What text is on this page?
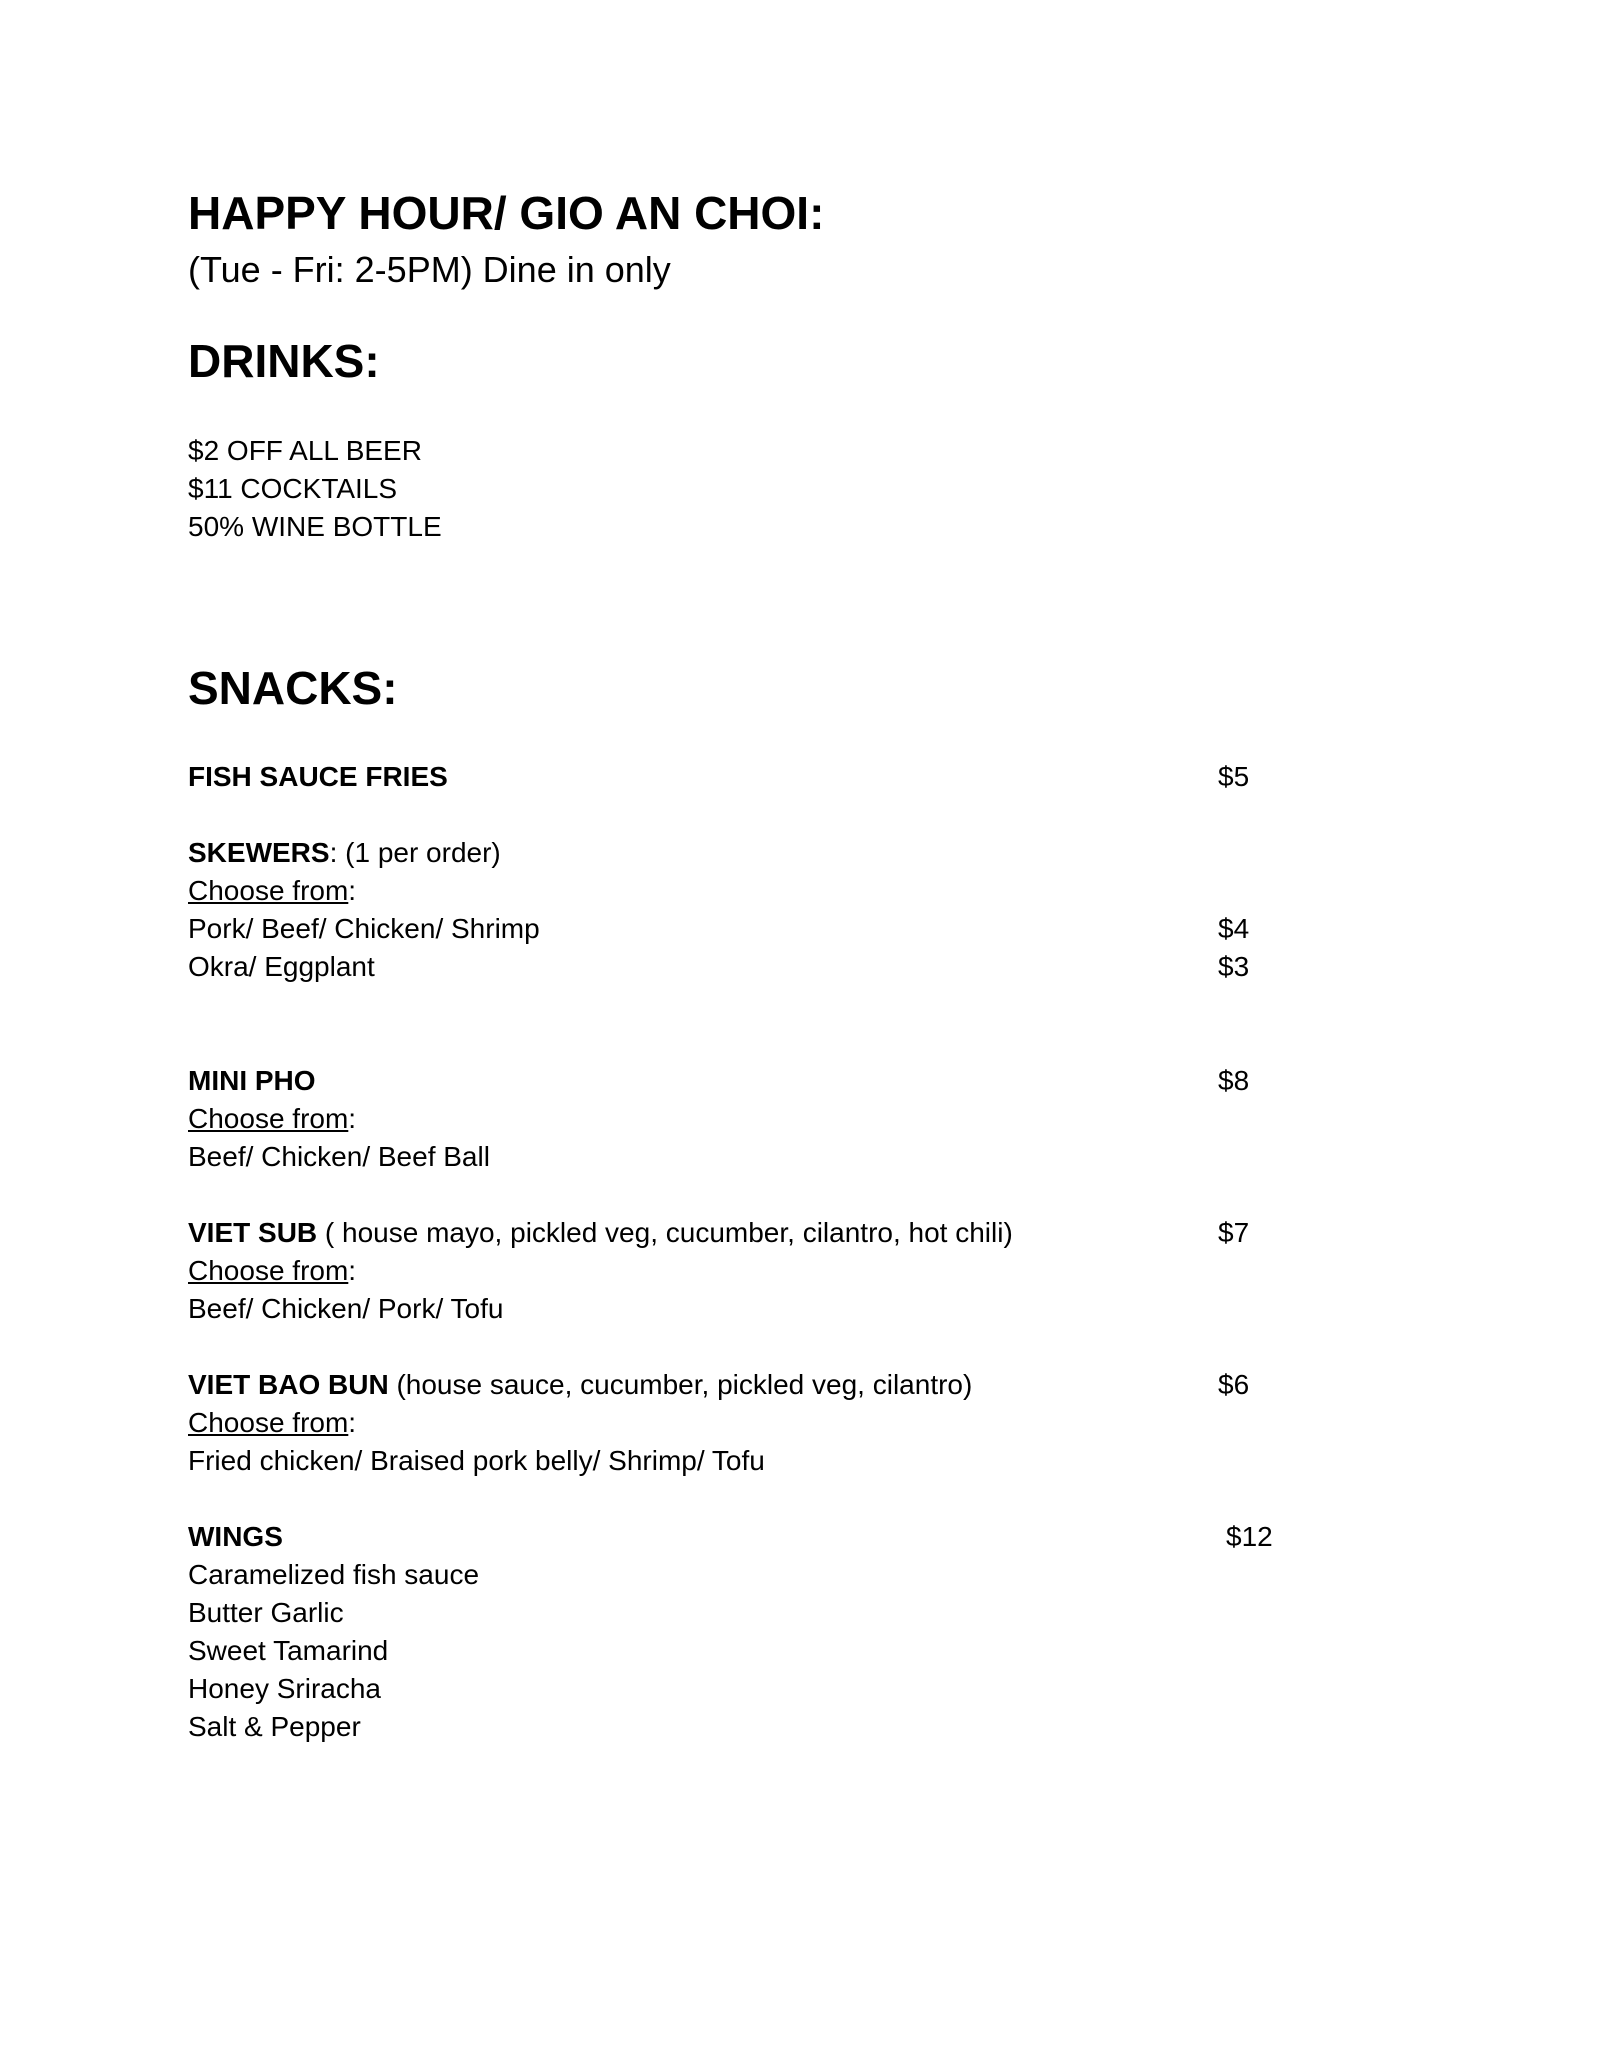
HAPPY HOUR/ GIO AN CHOI:
(Tue - Fri: 2-5PM) Dine in only
DRINKS:
$2 OFF ALL BEER
$11 COCKTAILS
50% WINE BOTTLE
SNACKS:
FISH SAUCE FRIES	$5
SKEWERS: (1 per order)
Choose from:
Pork/ Beef/ Chicken/ Shrimp	$4
Okra/ Eggplant	$3
MINI PHO	$8
Choose from:
Beef/ Chicken/ Beef Ball
VIET SUB ( house mayo, pickled veg, cucumber, cilantro, hot chili)	$7
Choose from:
Beef/ Chicken/ Pork/ Tofu
VIET BAO BUN (house sauce, cucumber, pickled veg, cilantro)	$6
Choose from:
Fried chicken/ Braised pork belly/ Shrimp/ Tofu
WINGS	$12
Caramelized fish sauce
Butter Garlic
Sweet Tamarind
Honey Sriracha
Salt & Pepper
